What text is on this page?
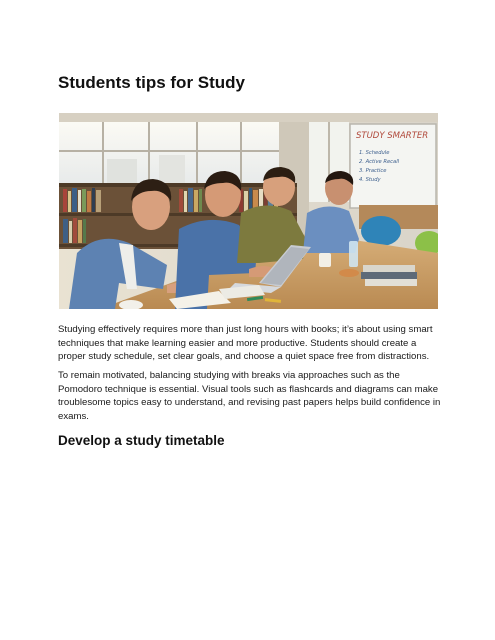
Students tips for Study
STUDY SMARTER
1. Schedule
2. Active Recall
3. Practice
4. Study

Studying effectively requires more than just long hours with books; it’s about using smart techniques that make learning easier and more productive. Students should create a proper study schedule, set clear goals, and choose a quiet space free from distractions.

To remain motivated, balancing studying with breaks via approaches such as the Pomodoro technique is essential. Visual tools such as flashcards and diagrams can make troublesome topics easy to understand, and revising past papers helps build confidence in exams.

Develop a study timetable
